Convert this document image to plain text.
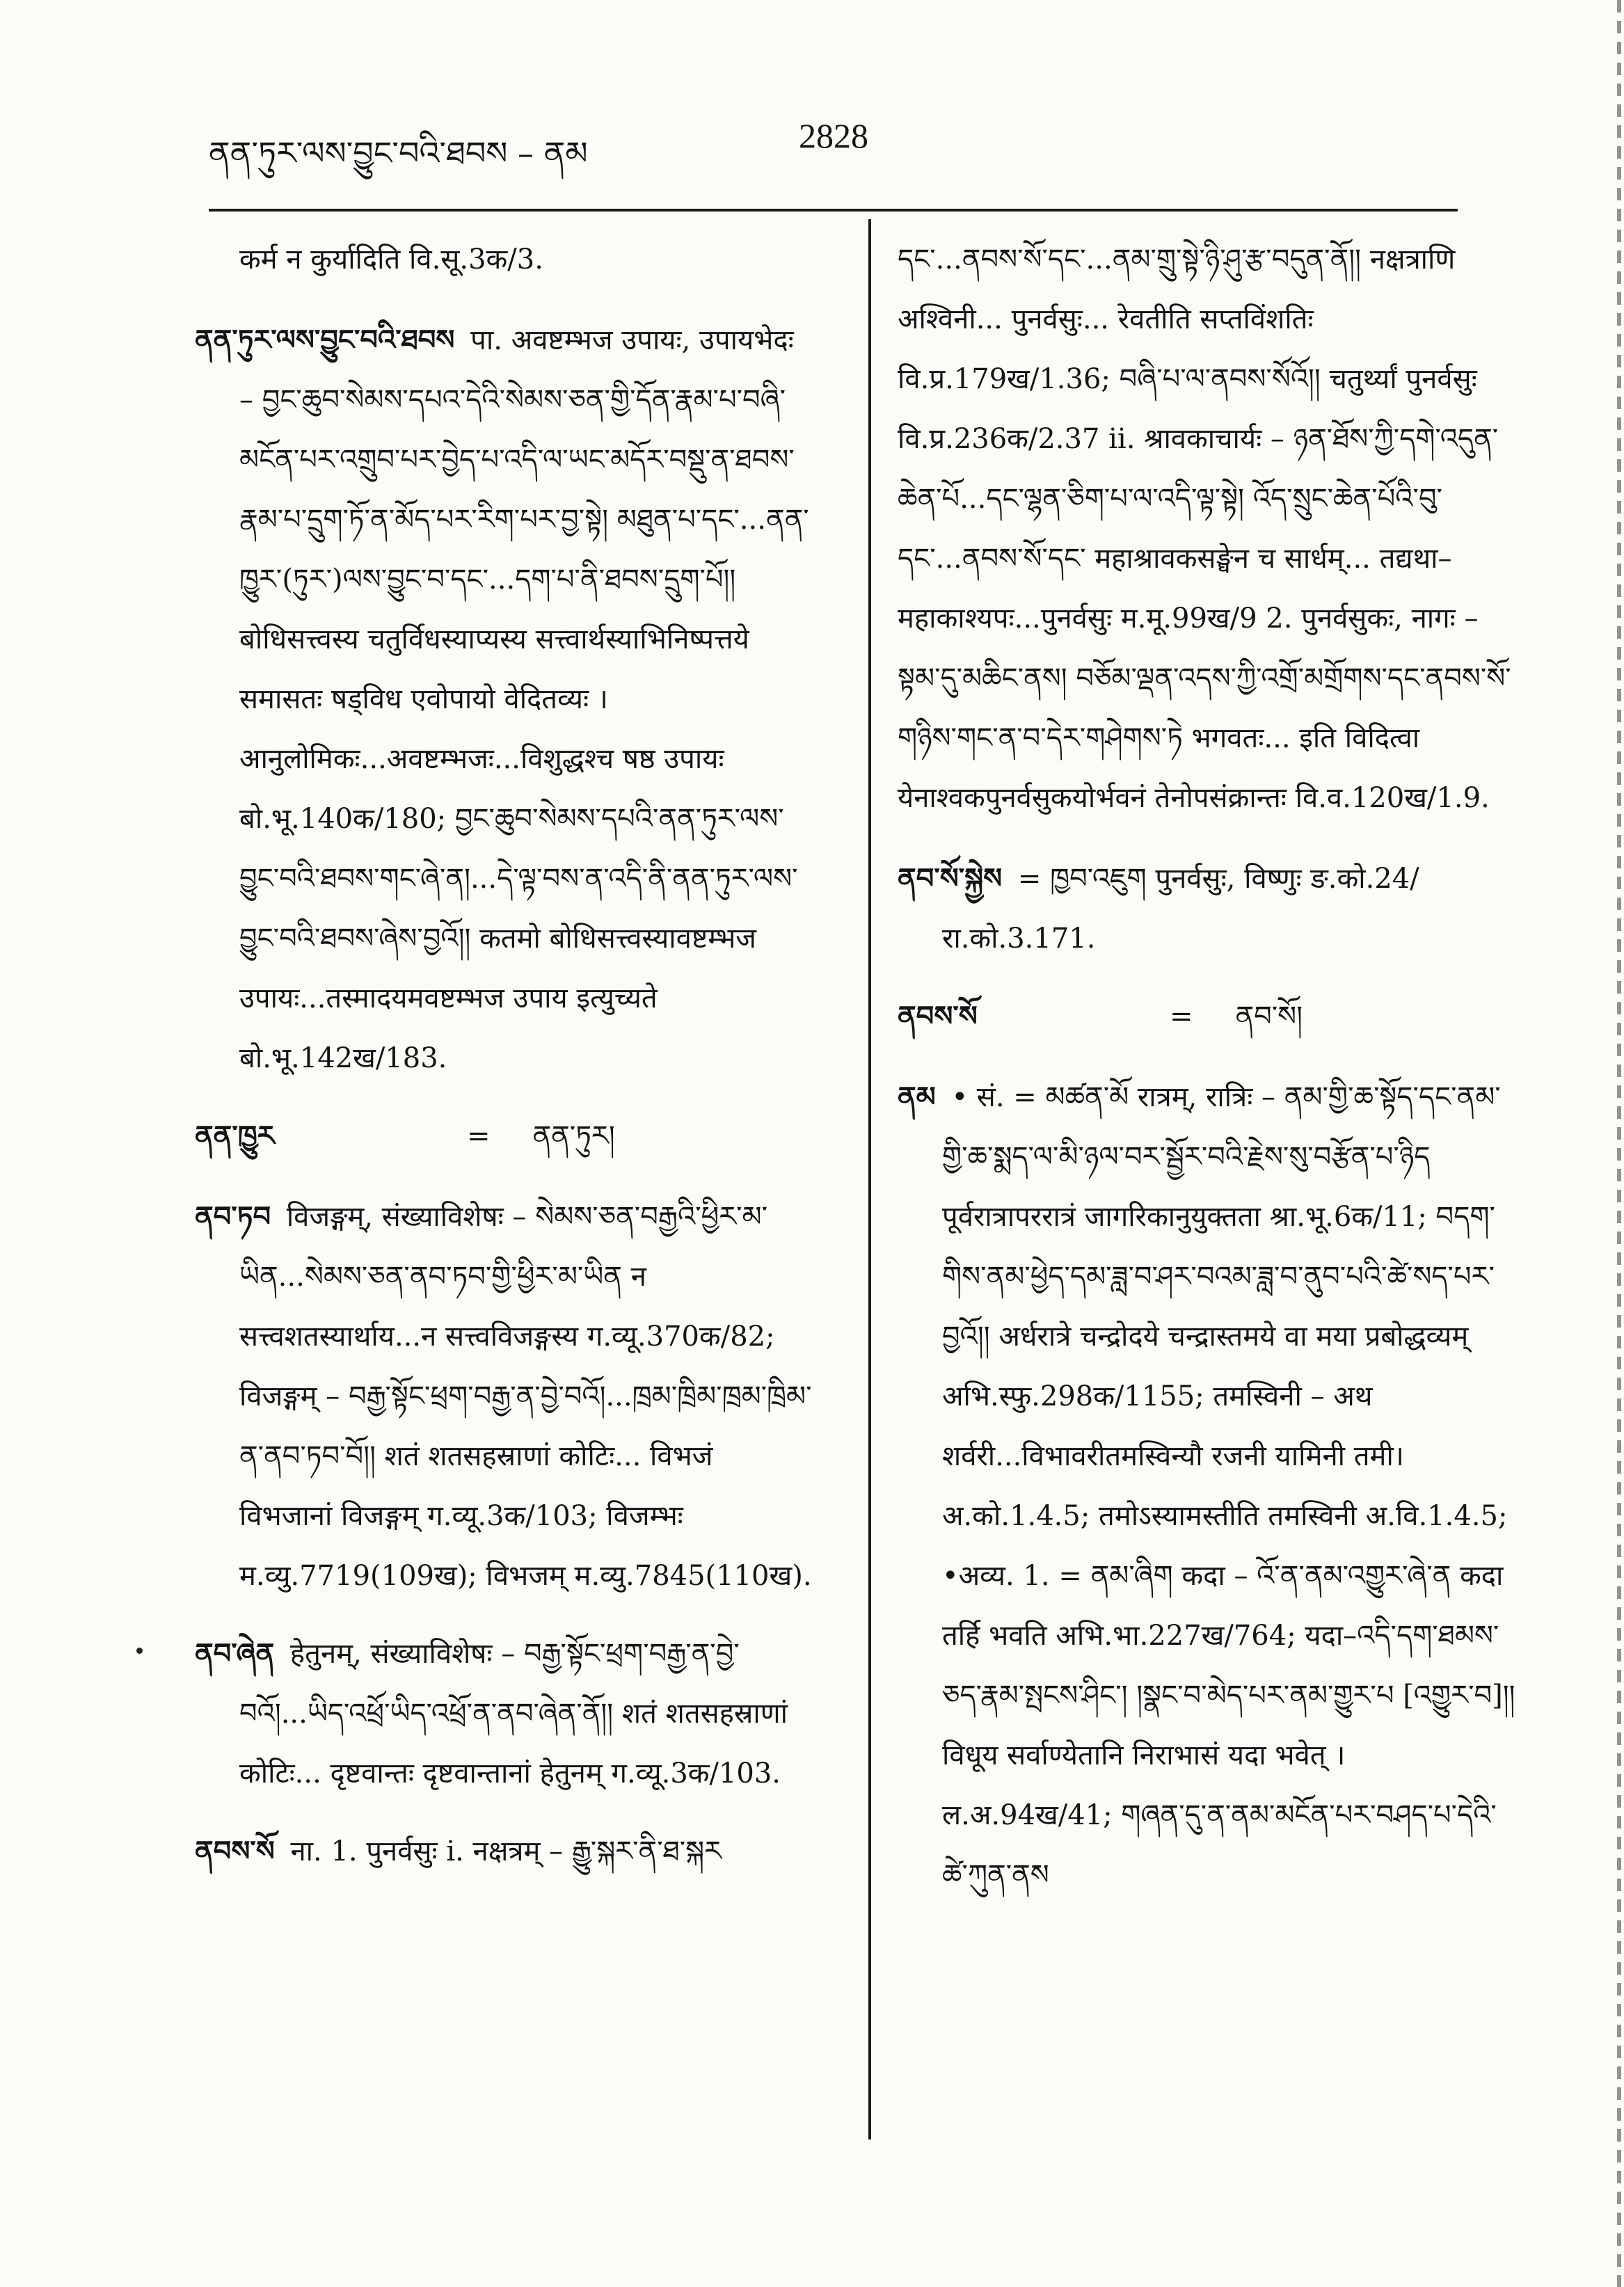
ནན་ཏུར་ལས་བྱུང་བའི་ཐབས – ནམ	2828

कर्म न कुर्यादिति वि.सू.3क/3.

ནན་ཏུར་ལས་བྱུང་བའི་ཐབས पा. अवष्टम्भज उपायः, उपायभेदः – བྱང་ཆུབ་སེམས་དཔའ་དེའི་སེམས་ཅན་གྱི་དོན་རྣམ་པ་བཞི་མངོན་པར་འགྲུབ་པར་བྱེད་པ་འདི་ལ་ཡང་མདོར་བསྡུ་ན་ཐབས་རྣམ་པ་དྲུག་ཏོ་ན་མོད་པར་རིག་པར་བྱ་སྟེ། མཐུན་པ་དང་...ནན་ཁྱུར་(ཏུར་)ལས་བྱུང་བ་དང་...དག་པ་ནི་ཐབས་དྲུག་པོ།། बोधिसत्त्वस्य चतुर्विधस्याप्यस्य सत्त्वार्थस्याभिनिष्पत्तये समासतः षड्विध एवोपायो वेदितव्यः । आनुलोमिकः...अवष्टम्भजः...विशुद्धश्च षष्ठ उपायः बो.भू.140क/180; བྱང་ཆུབ་སེམས་དཔའི་ནན་ཏུར་ལས་བྱུང་བའི་ཐབས་གང་ཞེ་ན།...དེ་ལྟ་བས་ན་འདི་ནི་ནན་ཏུར་ལས་བྱུང་བའི་ཐབས་ཞེས་བྱའོ།། कतमो बोधिसत्त्वस्यावष्टम्भज उपायः...तस्मादयमवष्टम्भज उपाय इत्युच्यते बो.भू.142ख/183.

ནན་ཁྱུར	= ནན་ཏུར།

ནབ་ཏབ विजङ्गम्, संख्याविशेषः – སེམས་ཅན་བརྒྱའི་ཕྱིར་མ་ཡིན...སེམས་ཅན་ནབ་ཏབ་གྱི་ཕྱིར་མ་ཡིན न सत्त्वशतस्यार्थाय...न सत्त्वविजङ्गस्य ग.व्यू.370क/82; विजङ्गम् – བརྒྱ་སྟོང་ཕྲག་བརྒྱ་ན་བྱེ་བའོ།...ཁྲམ་ཁྲིམ་ཁྲམ་ཁྲིམ་ན་ནབ་ཏབ་བོ།། शतं शतसहस्राणां कोटिः... विभजं विभजानां विजङ्गम् ग.व्यू.3क/103; विजम्भः म.व्यु.7719(109ख); विभजम् म.व्यु.7845(110ख).

ནབ་ཞེན हेतुनम्, संख्याविशेषः – བརྒྱ་སྟོང་ཕྲག་བརྒྱ་ན་བྱེ་བའོ།...ཡིད་འཕྲོ་ཡིད་འཕྲོ་ན་ནབ་ཞེན་ནོ།། शतं शतसहस्राणां कोटिः... दृष्टवान्तः दृष्टवान्तानां हेतुनम् ग.व्यू.3क/103.

ནབས་སོ ना. 1. पुनर्वसुः i. नक्षत्रम् – རྒྱུ་སྐར་ནི་ཐ་སྐར

དང་...ནབས་སོ་དང་...ནམ་གྲུ་སྟེ་ཉི་ཤུ་རྩ་བདུན་ནོ།། नक्षत्राणि अश्विनी... पुनर्वसुः... रेवतीति सप्तविंशतिः वि.प्र.179ख/1.36; བཞི་པ་ལ་ནབས་སོའོ།། चतुर्थ्यां पुनर्वसुः वि.प्र.236क/2.37 ii. श्रावकाचार्यः – ཉན་ཐོས་ཀྱི་དགེ་འདུན་ཆེན་པོ...དང་ལྷན་ཅིག་པ་ལ་འདི་ལྟ་སྟེ། འོད་སྲུང་ཆེན་པོའི་བུ་དང་...ནབས་སོ་དང་ महाश्रावकसङ्घेन च सार्धम्... तद्यथा–महाकाश्यपः...पुनर्वसुः म.मू.99ख/9 2. पुनर्वसुकः, नागः – སྟམ་དུ་མཆིང་ནས། བཅོམ་ལྡན་འདས་ཀྱི་འགྲོ་མགྲོགས་དང་ནབས་སོ་གཉིས་གང་ན་བ་དེར་གཤེགས་ཏེ भगवतः... इति विदित्वा येनाश्वकपुनर्वसुकयोर्भवनं तेनोपसंक्रान्तः वि.व.120ख/1.9.

ནབ་སོ་སྐྱེས = ཁྱབ་འཇུག पुनर्वसुः, विष्णुः ङ.को.24/रा.को.3.171.

ནབས་སོ	= ནབ་སོ།

ནམ • सं. = མཚན་མོ रात्रम्, रात्रिः – ནམ་གྱི་ཆ་སྟོད་དང་ནམ་གྱི་ཆ་སྨད་ལ་མི་ཉལ་བར་སྦྱོར་བའི་རྗེས་སུ་བརྩོན་པ་ཉིད पूर्वरात्रापररात्रं जागरिकानुयुक्तता श्रा.भू.6क/11; བདག་གིས་ནམ་ཕྱེད་དམ་ཟླ་བ་ཤར་བའམ་ཟླ་བ་ནུབ་པའི་ཚེ་སད་པར་བྱའོ།། अर्धरात्रे चन्द्रोदये चन्द्रास्तमये वा मया प्रबोद्धव्यम् अभि.स्फु.298क/1155; तमस्विनी – अथ शर्वरी...विभावरीतमस्विन्यौ रजनी यामिनी तमी। अ.को.1.4.5; तमोऽस्यामस्तीति तमस्विनी अ.वि.1.4.5; •अव्य. 1. = ནམ་ཞིག कदा – འོ་ན་ནམ་འགྱུར་ཞེ་ན कदा तर्हि भवति अभि.भा.227ख/764; यदा–འདི་དག་ཐམས་ཅད་རྣམ་སྤངས་ཤིང་། །སྣང་བ་མེད་པར་ནམ་གྱུར་པ [འགྱུར་བ]།། विधूय सर्वाण्येतानि निराभासं यदा भवेत् । ल.अ.94ख/41; གཞན་དུ་ན་ནམ་མངོན་པར་བཤད་པ་དེའི་ཚེ་ཀུན་ནས
